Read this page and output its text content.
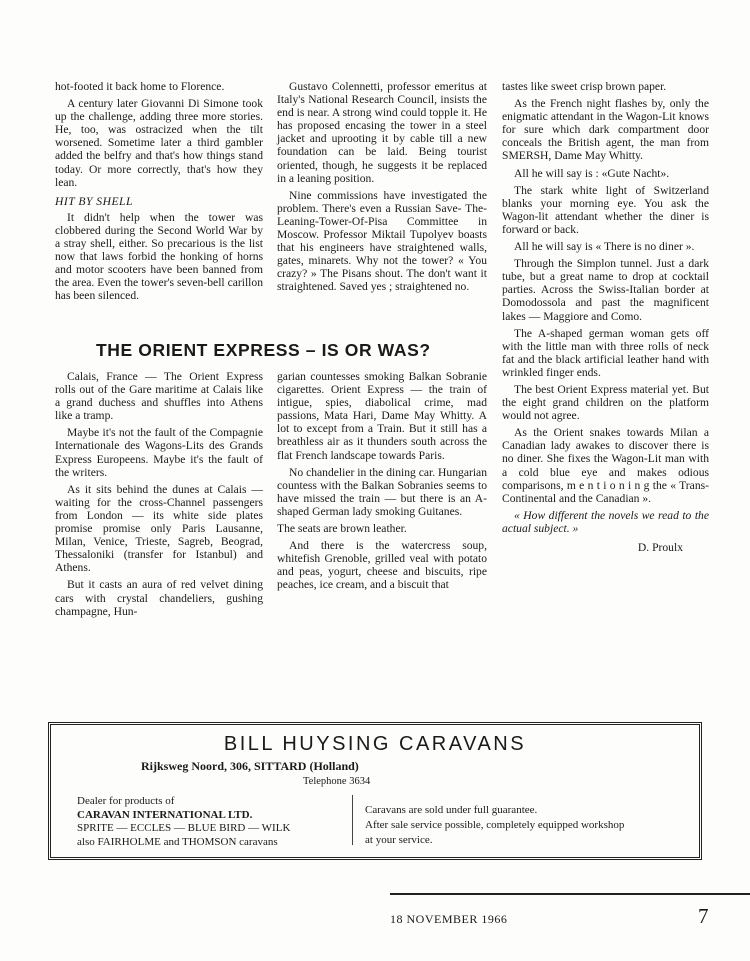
hot-footed it back home to Florence.

A century later Giovanni Di Simone took up the challenge, adding three more stories. He, too, was ostracized when the tilt worsened. Sometime later a third gambler added the belfry and that's how things stand today. Or more correctly, that's how they lean.

HIT BY SHELL

It didn't help when the tower was clobbered during the Second World War by a stray shell, either. So precarious is the list now that laws forbid the honking of horns and motor scooters have been banned from the area. Even the tower's seven-bell carillon has been silenced.

Gustavo Colennetti, professor emeritus at Italy's National Research Council, insists the end is near. A strong wind could topple it. He has proposed encasing the tower in a steel jacket and uprooting it by cable till a new foundation can be laid. Being tourist oriented, though, he suggests it be replaced in a leaning position.

Nine commissions have investigated the problem. There's even a Russian Save- The- Leaning-Tower-Of-Pisa Committee in Moscow. Professor Miktail Tupolyev boasts that his engineers have straightened walls, gates, minarets. Why not the tower? « You crazy? » The Pisans shout. The don't want it straightened. Saved yes ; straightened no.

THE ORIENT EXPRESS – IS OR WAS?

Calais, France — The Orient Express rolls out of the Gare maritime at Calais like a grand duchess and shuffles into Athens like a tramp.

Maybe it's not the fault of the Compagnie Internationale des Wagons-Lits des Grands Express Europeens. Maybe it's the fault of the writers.

As it sits behind the dunes at Calais — waiting for the cross-Channel passengers from London — its white side plates promise promise only Paris Lausanne, Milan, Venice, Trieste, Sagreb, Beograd, Thessaloniki (transfer for Istanbul) and Athens.

But it casts an aura of red velvet dining cars with crystal chandeliers, gushing champagne, Hun-

garian countesses smoking Balkan Sobranie cigarettes. Orient Express — the train of intigue, spies, diabolical crime, mad passions, Mata Hari, Dame May Whitty. A lot to except from a Train. But it still has a breathless air as it thunders south across the flat French landscape towards Paris.

No chandelier in the dining car. Hungarian countess with the Balkan Sobranies seems to have missed the train — but there is an A-shaped German lady smoking Guitanes.

The seats are brown leather.

And there is the watercress soup, whitefish Grenoble, grilled veal with potato and peas, yogurt, cheese and biscuits, ripe peaches, ice cream, and a biscuit that

tastes like sweet crisp brown paper.

As the French night flashes by, only the enigmatic attendant in the Wagon-Lit knows for sure which dark compartment door conceals the British agent, the man from SMERSH, Dame May Whitty.

All he will say is : «Gute Nacht».

The stark white light of Switzerland blanks your morning eye. You ask the Wagon-lit attendant whether the diner is forward or back.

All he will say is « There is no diner ».

Through the Simplon tunnel. Just a dark tube, but a great name to drop at cocktail parties. Across the Swiss-Italian border at Domodossola and past the magnificent lakes — Maggiore and Como.

The A-shaped german woman gets off with the little man with three rolls of neck fat and the black artificial leather hand with wrinkled finger ends.

The best Orient Express material yet. But the eight grand children on the platform would not agree.

As the Orient snakes towards Milan a Canadian lady awakes to discover there is no diner. She fixes the Wagon-Lit man with a cold blue eye and makes odious comparisons, m e n t i o n i n g the « Trans-Continental and the Canadian ».

« How different the novels we read to the actual subject. »

D. Proulx

BILL HUYSING CARAVANS
Rijksweg Noord, 306, SITTARD (Holland)
Telephone 3634
Dealer for products of
CARAVAN INTERNATIONAL LTD.
SPRITE — ECCLES — BLUE BIRD — WILK
also FAIRHOLME and THOMSON caravans
Caravans are sold under full guarantee.
After sale service possible, completely equipped workshop
at your service.
18 NOVEMBER 1966	7
